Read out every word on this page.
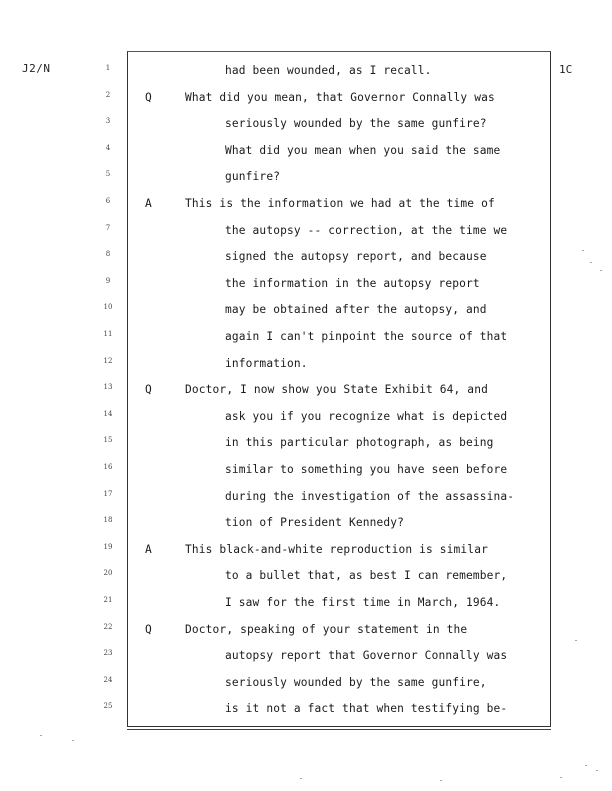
J2/N	1C
1	had been wounded, as I recall.
2	Q	What did you mean, that Governor Connally was
3	seriously wounded by the same gunfire?
4	What did you mean when you said the same
5	gunfire?
6	A	This is the information we had at the time of
7	the autopsy -- correction, at the time we
8	signed the autopsy report, and because
9	the information in the autopsy report
10	may be obtained after the autopsy, and
11	again I can't pinpoint the source of that
12	information.
13	Q	Doctor, I now show you State Exhibit 64, and
14	ask you if you recognize what is depicted
15	in this particular photograph, as being
16	similar to something you have seen before
17	during the investigation of the assassina-
18	tion of President Kennedy?
19	A	This black-and-white reproduction is similar
20	to a bullet that, as best I can remember,
21	I saw for the first time in March, 1964.
22	Q	Doctor, speaking of your statement in the
23	autopsy report that Governor Connally was
24	seriously wounded by the same gunfire,
25	is it not a fact that when testifying be-
